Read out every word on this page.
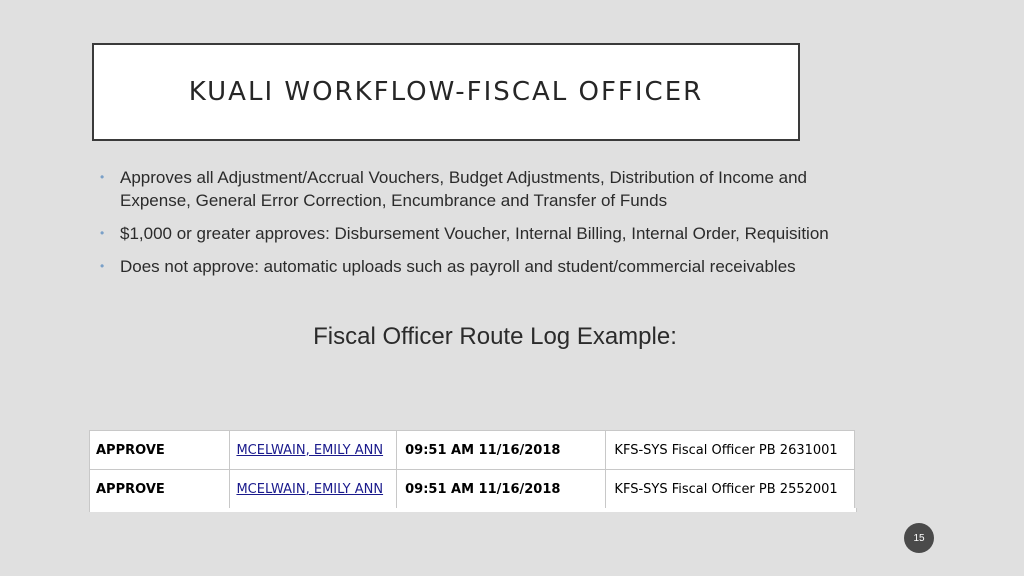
KUALI WORKFLOW-FISCAL OFFICER
• Approves all Adjustment/Accrual Vouchers, Budget Adjustments, Distribution of Income and Expense, General Error Correction, Encumbrance and Transfer of Funds
• $1,000 or greater approves: Disbursement Voucher, Internal Billing, Internal Order, Requisition
• Does not approve: automatic uploads such as payroll and student/commercial receivables
Fiscal Officer Route Log Example:
APPROVE	MCELWAIN, EMILY ANN	09:51 AM 11/16/2018	KFS-SYS Fiscal Officer PB 2631001
APPROVE	MCELWAIN, EMILY ANN	09:51 AM 11/16/2018	KFS-SYS Fiscal Officer PB 2552001
15
